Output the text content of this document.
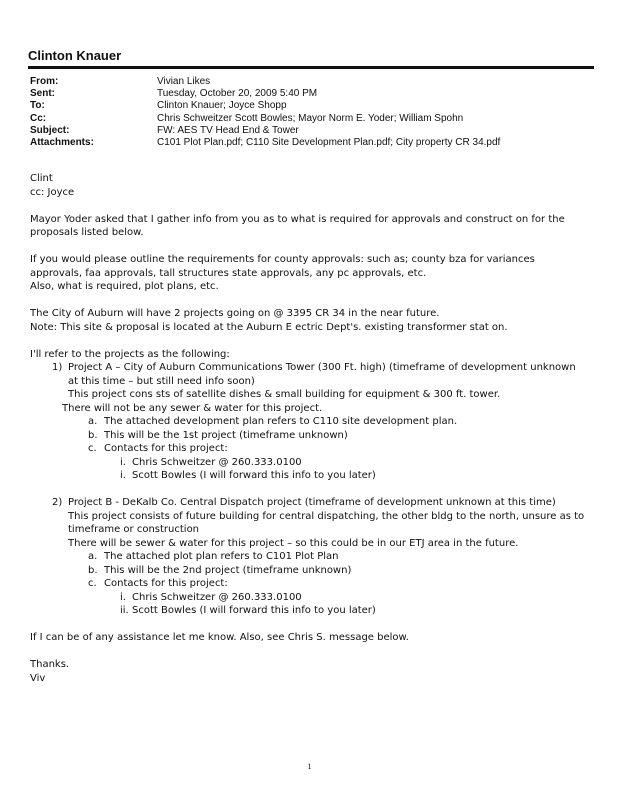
Clinton Knauer
From:	Vivian Likes
Sent:	Tuesday, October 20, 2009 5:40 PM
To:	Clinton Knauer; Joyce Shopp
Cc:	Chris Schweitzer Scott Bowles; Mayor Norm E. Yoder; William Spohn
Subject:	FW: AES TV Head End & Tower
Attachments:	C101 Plot Plan.pdf; C110 Site Development Plan.pdf; City property CR 34.pdf
Clint
cc: Joyce
Mayor Yoder asked that I gather info from you as to what is required for approvals and construct on for the
proposals listed below.
If you would please outline the requirements for county approvals: such as; county bza for variances
approvals, faa approvals, tall structures state approvals, any pc approvals, etc.
Also, what is required, plot plans, etc.
The City of Auburn will have 2 projects going on @ 3395 CR 34 in the near future.
Note: This site & proposal is located at the Auburn E ectric Dept's. existing transformer stat on.
I'll refer to the projects as the following:
1) Project A – City of Auburn Communications Tower (300 Ft. high) (timeframe of development unknown
at this time – but still need info soon)
This project cons sts of satellite dishes & small building for equipment & 300 ft. tower.
There will not be any sewer & water for this project.
a. The attached development plan refers to C110 site development plan.
b. This will be the 1st project (timeframe unknown)
c. Contacts for this project:
i. Chris Schweitzer @ 260.333.0100
i. Scott Bowles (I will forward this info to you later)
2) Project B - DeKalb Co. Central Dispatch project (timeframe of development unknown at this time)
This project consists of future building for central dispatching, the other bldg to the north, unsure as to
timeframe or construction
There will be sewer & water for this project – so this could be in our ETJ area in the future.
a. The attached plot plan refers to C101 Plot Plan
b. This will be the 2nd project (timeframe unknown)
c. Contacts for this project:
i. Chris Schweitzer @ 260.333.0100
ii. Scott Bowles (I will forward this info to you later)
If I can be of any assistance let me know. Also, see Chris S. message below.
Thanks.
Viv
1
